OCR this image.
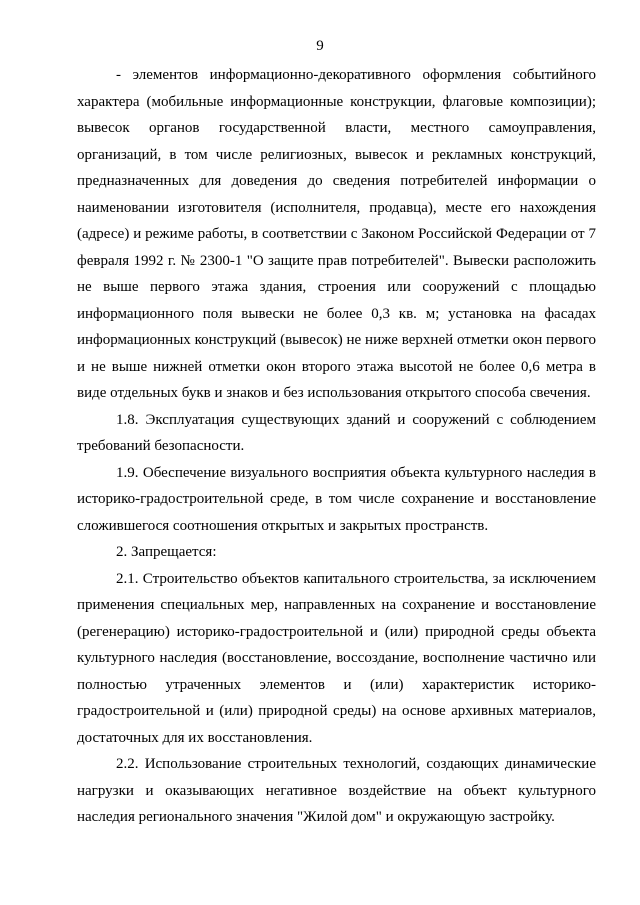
9

- элементов информационно-декоративного оформления событийного характера (мобильные информационные конструкции, флаговые композиции); вывесок органов государственной власти, местного самоуправления, организаций, в том числе религиозных, вывесок и рекламных конструкций, предназначенных для доведения до сведения потребителей информации о наименовании изготовителя (исполнителя, продавца), месте его нахождения (адресе) и режиме работы, в соответствии с Законом Российской Федерации от 7 февраля 1992 г. № 2300-1 "О защите прав потребителей". Вывески расположить не выше первого этажа здания, строения или сооружений с площадью информационного поля вывески не более 0,3 кв. м; установка на фасадах информационных конструкций (вывесок) не ниже верхней отметки окон первого и не выше нижней отметки окон второго этажа высотой не более 0,6 метра в виде отдельных букв и знаков и без использования открытого способа свечения.

1.8. Эксплуатация существующих зданий и сооружений с соблюдением требований безопасности.

1.9. Обеспечение визуального восприятия объекта культурного наследия в историко-градостроительной среде, в том числе сохранение и восстановление сложившегося соотношения открытых и закрытых пространств.

2. Запрещается:

2.1. Строительство объектов капитального строительства, за исключением применения специальных мер, направленных на сохранение и восстановление (регенерацию) историко-градостроительной и (или) природной среды объекта культурного наследия (восстановление, воссоздание, восполнение частично или полностью утраченных элементов и (или) характеристик историко-градостроительной и (или) природной среды) на основе архивных материалов, достаточных для их восстановления.

2.2. Использование строительных технологий, создающих динамические нагрузки и оказывающих негативное воздействие на объект культурного наследия регионального значения "Жилой дом" и окружающую застройку.
